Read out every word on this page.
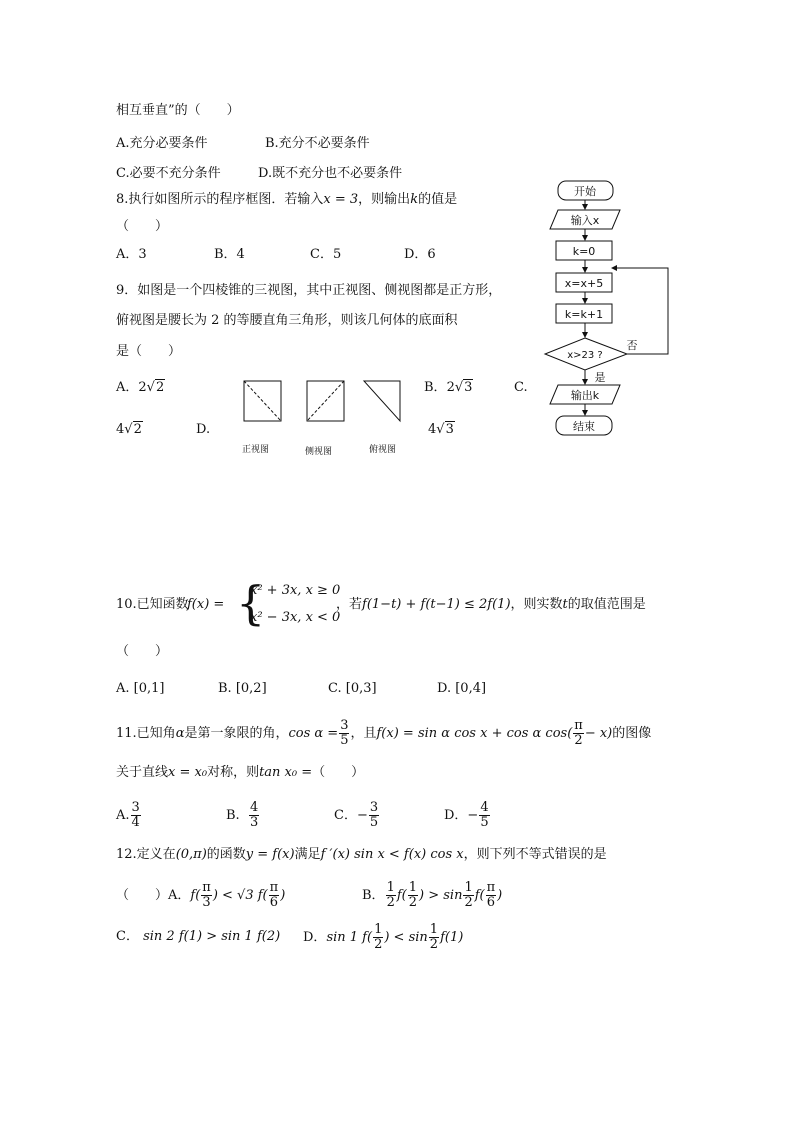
相互垂直”的（　　）
A.充分必要条件	B.充分不必要条件
C.必要不充分条件	D.既不充分也不必要条件
8.执行如图所示的程序框图．若输入x = 3，则输出k的值是
（　　）
A．3	B．4	C．5	D．6
开始
输入x
k=0
x=x+5
k=k+1
x>23 ?
否
是
输出k
结束
9．如图是一个四棱锥的三视图，其中正视图、侧视图都是正方形，
俯视图是腰长为 2 的等腰直角三角形，则该几何体的底面积
是（　　）
A．2√2	B．2√3	C.
4√2	D.	4√3
正视图	侧视图	俯视图
10.已知函数
f(x) = {
x² + 3x, x ≥ 0
x² − 3x, x < 0
，若f(1−t) + f(t−1) ≤ 2f(1)，则实数t的取值范围是
（　　）
A. [0,1]	B. [0,2]	C. [0,3]	D. [0,4]
11.已知角α是第一象限的角，$\cos \alpha = \frac{3}{5}$ ，且f(x) = sin α cos x + cos α $\cos( \frac{\pi}{2} - x)$的图像
关于直线x = x₀对称，则tan x₀ =（　　）
A. $\frac{3}{4}$	B. $\frac{4}{3}$	C．− $\frac{3}{5}$	D．− $\frac{4}{5}$
12.定义在(0,π)的函数y = f(x)满足f ′(x) sin x < f(x) cos x，则下列不等式错误的是
（　　）A．$f( \frac{\pi}{3}$ ) < √3 $f( \frac{\pi}{6}$ )	B． $\frac{1}{2} f( \frac{1}{2}$ ) > $\sin \frac{1}{2} f( \frac{\pi}{6}$ )
C． sin 2 f(1) > sin 1 f(2) D．sin 1 $f( \frac{1}{2}$ ) < $\sin \frac{1}{2} f(1)$
